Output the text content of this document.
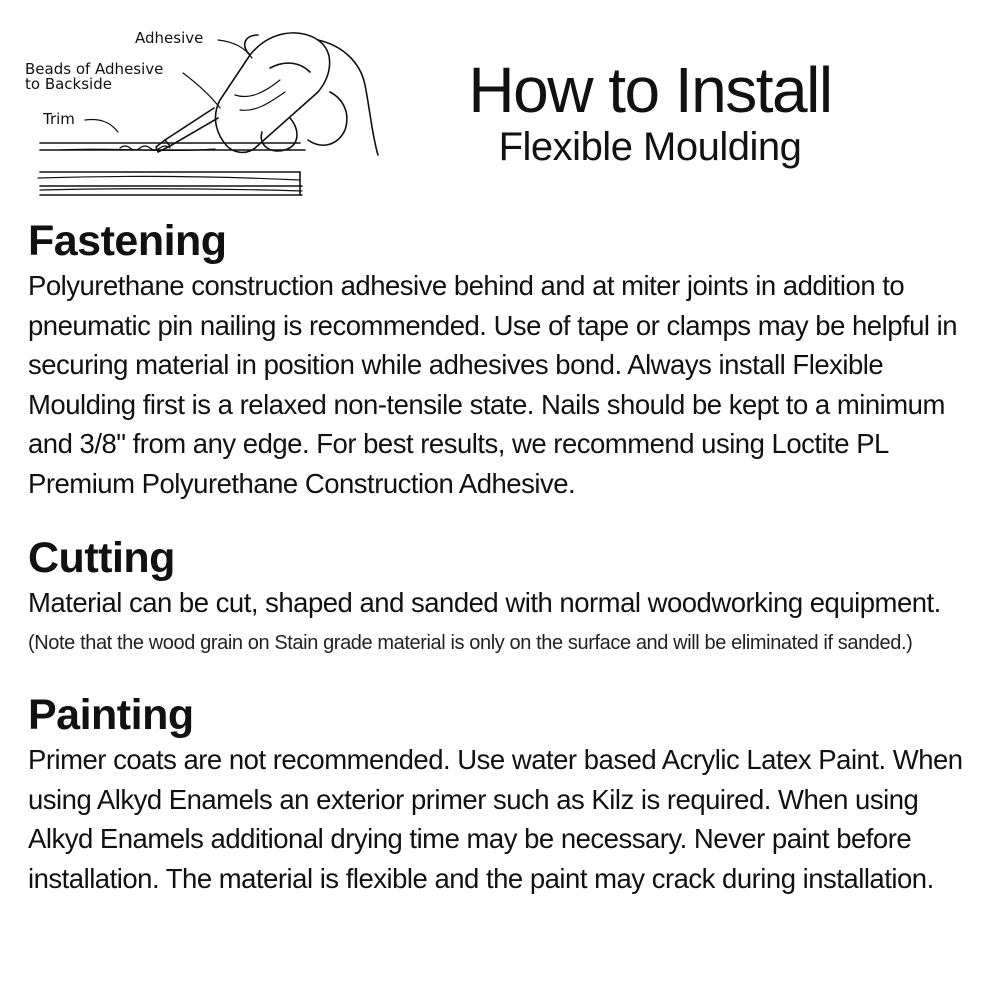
Adhesive
Beads of Adhesive
to Backside
Trim	How to Install
Flexible Moulding
Fastening
Polyurethane construction adhesive behind and at miter joints in addition to pneumatic pin nailing is recommended. Use of tape or clamps may be helpful in securing material in position while adhesives bond. Always install Flexible Moulding first is a relaxed non-tensile state. Nails should be kept to a minimum and 3/8" from any edge. For best results, we recommend using Loctite PL Premium Polyurethane Construction Adhesive.
Cutting
Material can be cut, shaped and sanded with normal woodworking equipment.
(Note that the wood grain on Stain grade material is only on the surface and will be eliminated if sanded.)
Painting
Primer coats are not recommended. Use water based Acrylic Latex Paint. When using Alkyd Enamels an exterior primer such as Kilz is required. When using Alkyd Enamels additional drying time may be necessary. Never paint before installation. The material is flexible and the paint may crack during installation.
